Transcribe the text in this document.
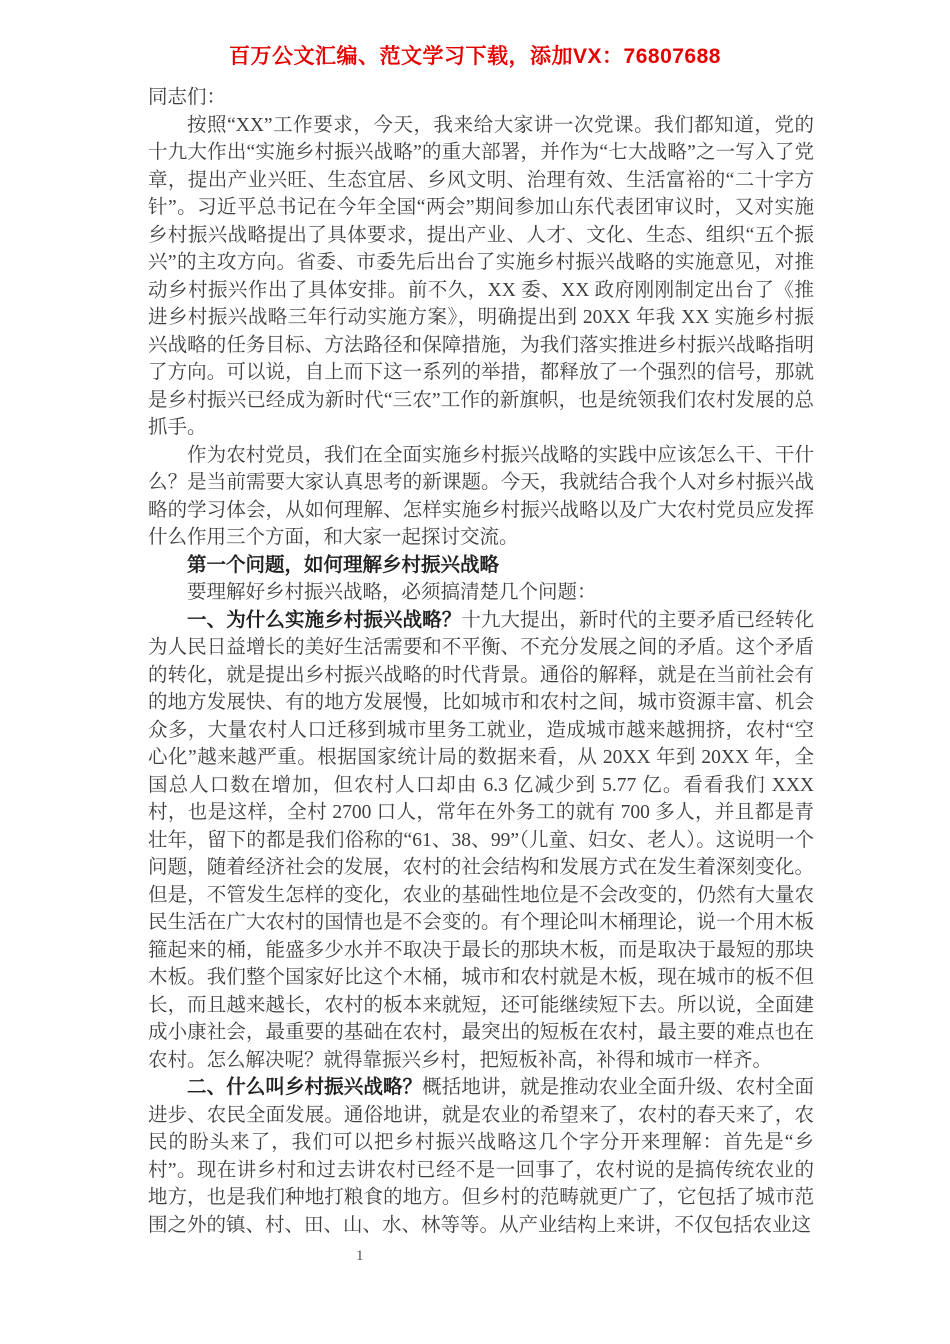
百万公文汇编、范文学习下载，添加VX：76807688

同志们：

按照“XX”工作要求，今天，我来给大家讲一次党课。我们都知道，党的十九大作出“实施乡村振兴战略”的重大部署，并作为“七大战略”之一写入了党章，提出产业兴旺、生态宜居、乡风文明、治理有效、生活富裕的“二十字方针”。习近平总书记在今年全国“两会”期间参加山东代表团审议时，又对实施乡村振兴战略提出了具体要求，提出产业、人才、文化、生态、组织“五个振兴”的主攻方向。省委、市委先后出台了实施乡村振兴战略的实施意见，对推动乡村振兴作出了具体安排。前不久，XX 委、XX 政府刚刚制定出台了《推进乡村振兴战略三年行动实施方案》，明确提出到 20XX 年我 XX 实施乡村振兴战略的任务目标、方法路径和保障措施，为我们落实推进乡村振兴战略指明了方向。可以说，自上而下这一系列的举措，都释放了一个强烈的信号，那就是乡村振兴已经成为新时代“三农”工作的新旗帜，也是统领我们农村发展的总抓手。

作为农村党员，我们在全面实施乡村振兴战略的实践中应该怎么干、干什么？是当前需要大家认真思考的新课题。今天，我就结合我个人对乡村振兴战略的学习体会，从如何理解、怎样实施乡村振兴战略以及广大农村党员应发挥什么作用三个方面，和大家一起探讨交流。

第一个问题，如何理解乡村振兴战略

要理解好乡村振兴战略，必须搞清楚几个问题：

一、为什么实施乡村振兴战略？十九大提出，新时代的主要矛盾已经转化为人民日益增长的美好生活需要和不平衡、不充分发展之间的矛盾。这个矛盾的转化，就是提出乡村振兴战略的时代背景。通俗的解释，就是在当前社会有的地方发展快、有的地方发展慢，比如城市和农村之间，城市资源丰富、机会众多，大量农村人口迁移到城市里务工就业，造成城市越来越拥挤，农村“空心化”越来越严重。根据国家统计局的数据来看，从 20XX 年到 20XX 年，全国总人口数在增加，但农村人口却由 6.3 亿减少到 5.77 亿。看看我们 XXX 村，也是这样，全村 2700 口人，常年在外务工的就有 700 多人，并且都是青壮年，留下的都是我们俗称的“61、38、99”（儿童、妇女、老人）。这说明一个问题，随着经济社会的发展，农村的社会结构和发展方式在发生着深刻变化。但是，不管发生怎样的变化，农业的基础性地位是不会改变的，仍然有大量农民生活在广大农村的国情也是不会变的。有个理论叫木桶理论，说一个用木板箍起来的桶，能盛多少水并不取决于最长的那块木板，而是取决于最短的那块木板。我们整个国家好比这个木桶，城市和农村就是木板，现在城市的板不但长，而且越来越长，农村的板本来就短，还可能继续短下去。所以说，全面建成小康社会，最重要的基础在农村，最突出的短板在农村，最主要的难点也在农村。怎么解决呢？就得靠振兴乡村，把短板补高，补得和城市一样齐。

二、什么叫乡村振兴战略？概括地讲，就是推动农业全面升级、农村全面进步、农民全面发展。通俗地讲，就是农业的希望来了，农村的春天来了，农民的盼头来了，我们可以把乡村振兴战略这几个字分开来理解：首先是“乡村”。现在讲乡村和过去讲农村已经不是一回事了，农村说的是搞传统农业的地方，也是我们种地打粮食的地方。但乡村的范畴就更广了，它包括了城市范围之外的镇、村、田、山、水、林等等。从产业结构上来讲，不仅包括农业这

1
